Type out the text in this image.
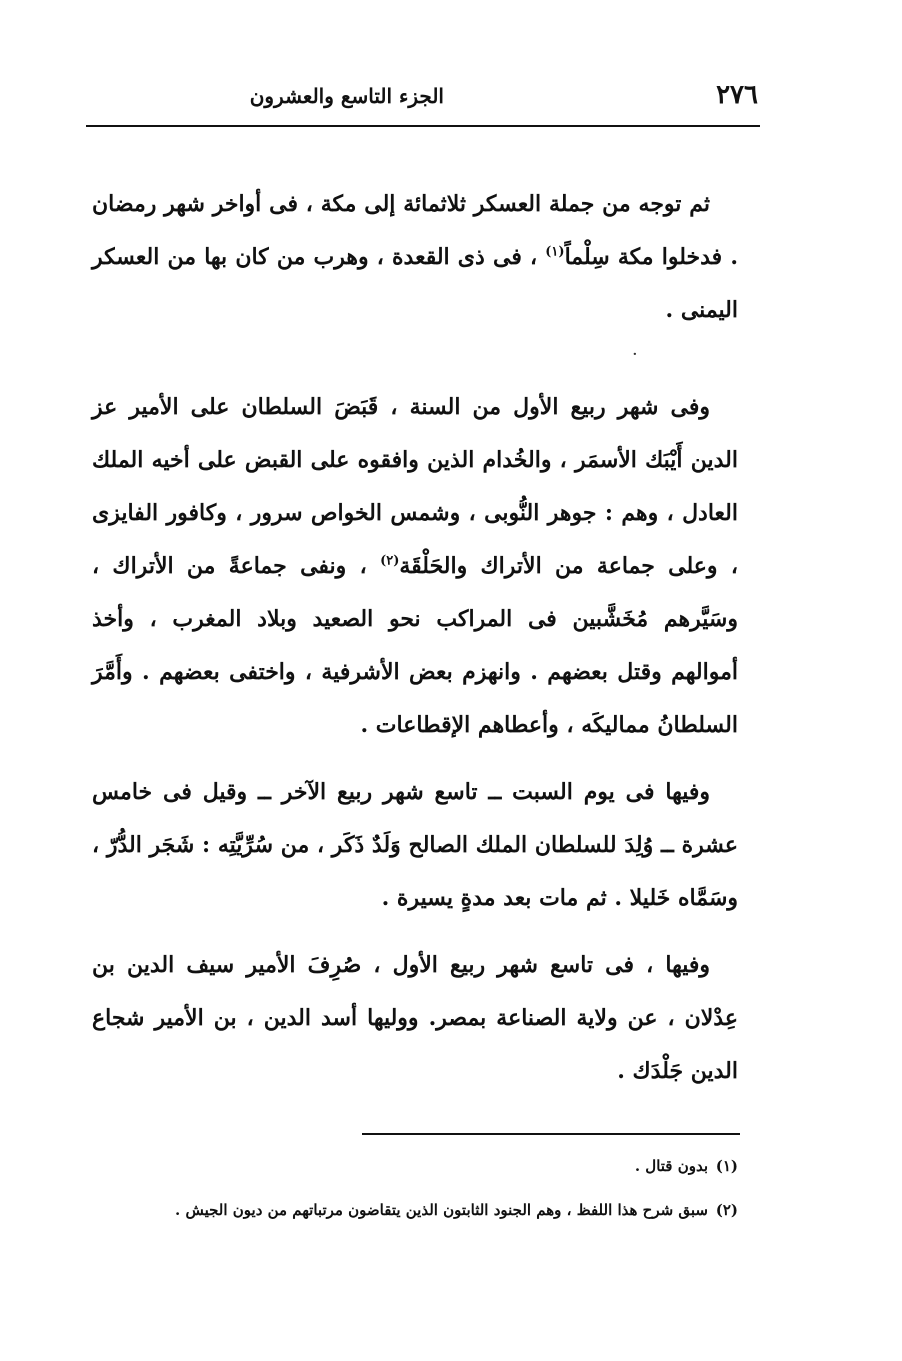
٢٧٦
الجزء التاسع والعشرون
·

ثم توجه من جملة العسكر ثلاثمائة إلى مكة ، فى أواخر شهر رمضان . فدخلوا مكة سِلْماً$^{(١)}$ ، فى ذى القعدة ، وهرب من كان بها من العسكر اليمنى .

وفى شهر ربيع الأول من السنة ، قَبَضَ السلطان على الأمير عز الدين أَيْبَك الأسمَر ، والخُدام الذين وافقوه على القبض على أخيه الملك العادل ، وهم : جوهر النُّوبى ، وشمس الخواص سرور ، وكافور الفايزى ، وعلى جماعة من الأتراك والحَلْقَة$^{(٢)}$ ، ونفى جماعةً من الأتراك ، وسَيَّرهم مُخَشَّبين فى المراكب نحو الصعيد وبلاد المغرب ، وأخذ أموالهم وقتل بعضهم . وانهزم بعض الأشرفية ، واختفى بعضهم . وأَمَّرَ السلطانُ مماليكَه ، وأعطاهم الإقطاعات .

وفيها فى يوم السبت ــ تاسع شهر ربيع الآخر ــ وقيل فى خامس عشرة ــ وُلِدَ للسلطان الملك الصالح وَلَدٌ ذَكَر ، من سُرِّيَّتِه : شَجَر الدُّرّ ، وسَمَّاه خَليلا . ثم مات بعد مدةٍ يسيرة .

وفيها ، فى تاسع شهر ربيع الأول ، صُرِفَ الأمير سيف الدين بن عِدْلان ، عن ولاية الصناعة بمصر. ووليها أسد الدين ، بن الأمير شجاع الدين جَلْدَك .

(١)
بدون قتال .
(٢)
سبق شرح هذا اللفظ ، وهم الجنود الثابتون الذين يتقاضون مرتباتهم من ديون الجيش .
